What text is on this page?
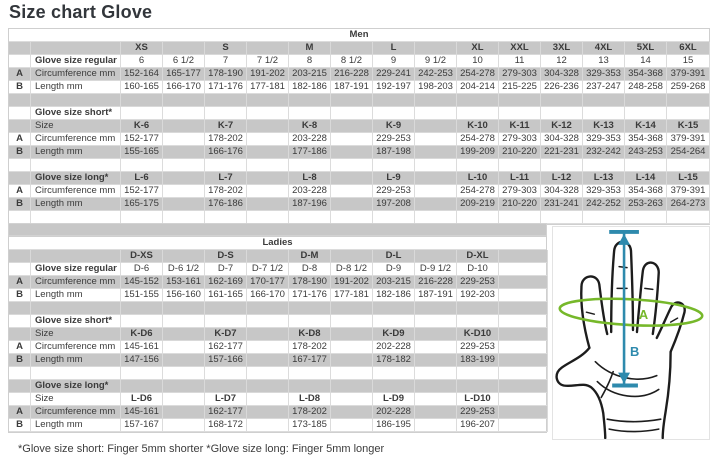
Size chart Glove
Men
XS	S	M	L	XL	XXL	3XL	4XL	5XL	6XL
Glove size regular	6	6 1/2	7	7 1/2	8	8 1/2	9	9 1/2	10	11	12	13	14	15
A	Circumference mm 152-164 165-177 178-190 191-202 203-215 216-228 229-241 242-253 254-278 279-303 304-328 329-353 354-368 379-391
B	Length mm	160-165 166-170 171-176 177-181 182-186 187-191 192-197 198-203 204-214 215-225 226-236 237-247 248-258 259-268
Glove size short*
Size	K-6	K-7	K-8	K-9	K-10	K-11	K-12	K-13	K-14	K-15
A	Circumference mm 152-177	178-202	203-228	229-253	254-278 279-303 304-328 329-353 354-368 379-391
B	Length mm	155-165	166-176	177-186	187-198	199-209 210-220 221-231 232-242 243-253 254-264
Glove size long*	L-6	L-7	L-8	L-9	L-10	L-11	L-12	L-13	L-14	L-15
A	Circumference mm 152-177	178-202	203-228	229-253	254-278 279-303 304-328 329-353 354-368 379-391
B	Length mm	165-175	176-186	187-196	197-208	209-219 210-220 231-241 242-252 253-263 264-273
Ladies
D-XS	D-S	D-M	D-L	D-XL
Glove size regular	D-6	D-6 1/2	D-7	D-7 1/2	D-8	D-8 1/2	D-9	D-9 1/2	D-10
A	Circumference mm 145-152 153-161 162-169 170-177 178-190 191-202 203-215 216-228 229-253
B	Length mm	151-155 156-160 161-165 166-170 171-176 177-181 182-186 187-191 192-203
Glove size short*
Size	K-D6	K-D7	K-D8	K-D9	K-D10
A	Circumference mm 145-161	162-177	178-202	202-228	229-253
B	Length mm	147-156	157-166	167-177	178-182	183-199
Glove size long*
Size	L-D6	L-D7	L-D8	L-D9	L-D10
A	Circumference mm 145-161	162-177	178-202	202-228	229-253
B	Length mm	157-167	168-172	173-185	186-195	196-207
*Glove size short: Finger 5mm shorter *Glove size long: Finger 5mm longer
A
B
